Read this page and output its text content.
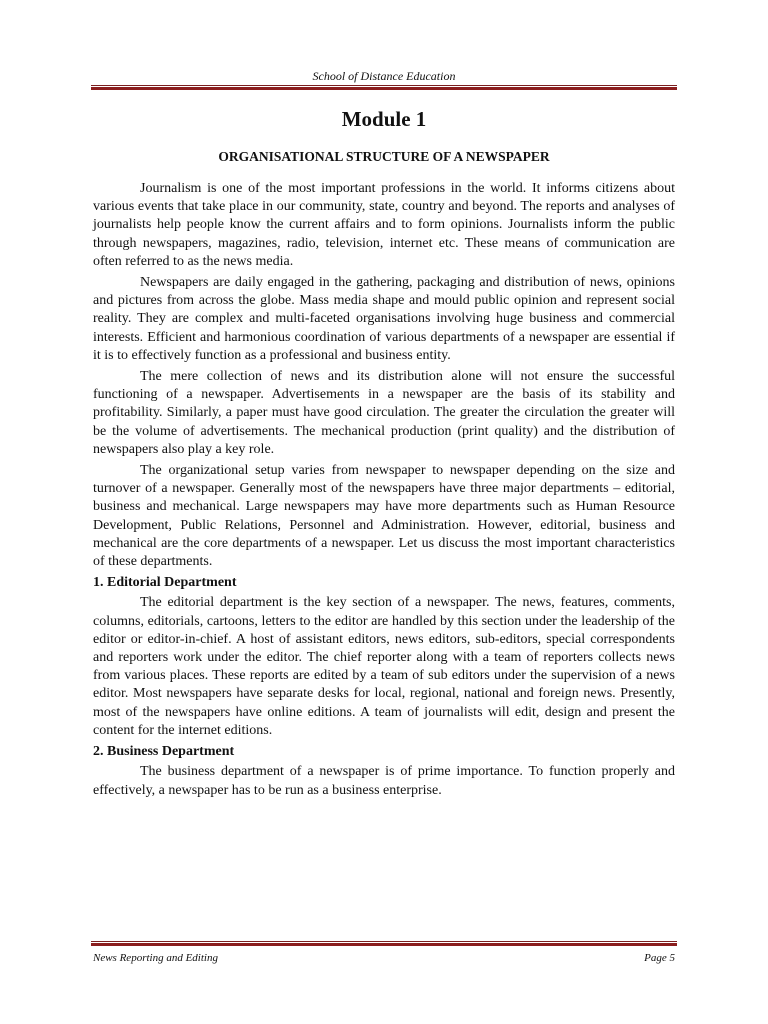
School of Distance Education
Module 1
ORGANISATIONAL STRUCTURE OF A NEWSPAPER

Journalism is one of the most important professions in the world. It informs citizens about various events that take place in our community, state, country and beyond. The reports and analyses of journalists help people know the current affairs and to form opinions. Journalists inform the public through newspapers, magazines, radio, television, internet etc. These means of communication are often referred to as the news media.

Newspapers are daily engaged in the gathering, packaging and distribution of news, opinions and pictures from across the globe. Mass media shape and mould public opinion and represent social reality. They are complex and multi-faceted organisations involving huge business and commercial interests. Efficient and harmonious coordination of various departments of a newspaper are essential if it is to effectively function as a professional and business entity.

The mere collection of news and its distribution alone will not ensure the successful functioning of a newspaper. Advertisements in a newspaper are the basis of its stability and profitability. Similarly, a paper must have good circulation. The greater the circulation the greater will be the volume of advertisements. The mechanical production (print quality) and the distribution of newspapers also play a key role.

The organizational setup varies from newspaper to newspaper depending on the size and turnover of a newspaper. Generally most of the newspapers have three major departments – editorial, business and mechanical. Large newspapers may have more departments such as Human Resource Development, Public Relations, Personnel and Administration. However, editorial, business and mechanical are the core departments of a newspaper. Let us discuss the most important characteristics of these departments.

1. Editorial Department

The editorial department is the key section of a newspaper. The news, features, comments, columns, editorials, cartoons, letters to the editor are handled by this section under the leadership of the editor or editor-in-chief. A host of assistant editors, news editors, sub-editors, special correspondents and reporters work under the editor. The chief reporter along with a team of reporters collects news from various places. These reports are edited by a team of sub editors under the supervision of a news editor. Most newspapers have separate desks for local, regional, national and foreign news. Presently, most of the newspapers have online editions. A team of journalists will edit, design and present the content for the internet editions.

2. Business Department

The business department of a newspaper is of prime importance. To function properly and effectively, a newspaper has to be run as a business enterprise.

News Reporting and Editing	Page 5
